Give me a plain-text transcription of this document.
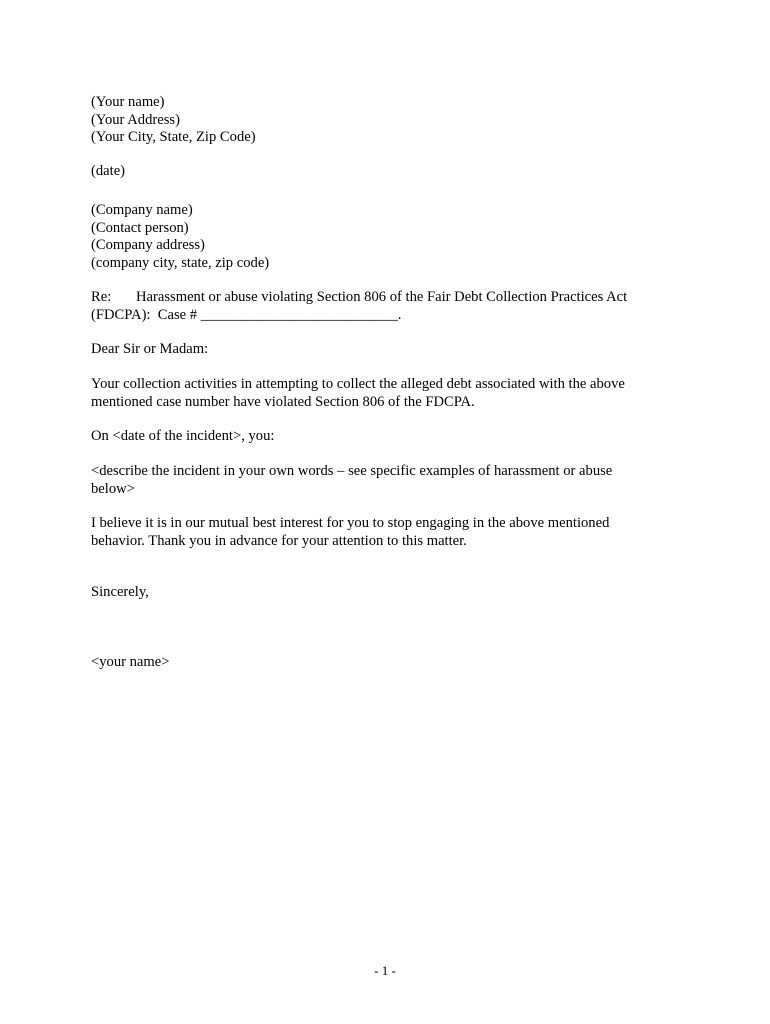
(Your name)
(Your Address)
(Your City, State, Zip Code)
(date)
(Company name)
(Contact person)
(Company address)
(company city, state, zip code)
Re: Harassment or abuse violating Section 806 of the Fair Debt Collection Practices Act
(FDCPA):  Case # ___________________________.
Dear Sir or Madam:
Your collection activities in attempting to collect the alleged debt associated with the above
mentioned case number have violated Section 806 of the FDCPA.
On <date of the incident>, you:
<describe the incident in your own words – see specific examples of harassment or abuse
below>
I believe it is in our mutual best interest for you to stop engaging in the above mentioned
behavior. Thank you in advance for your attention to this matter.
Sincerely,
<your name>
- 1 -
